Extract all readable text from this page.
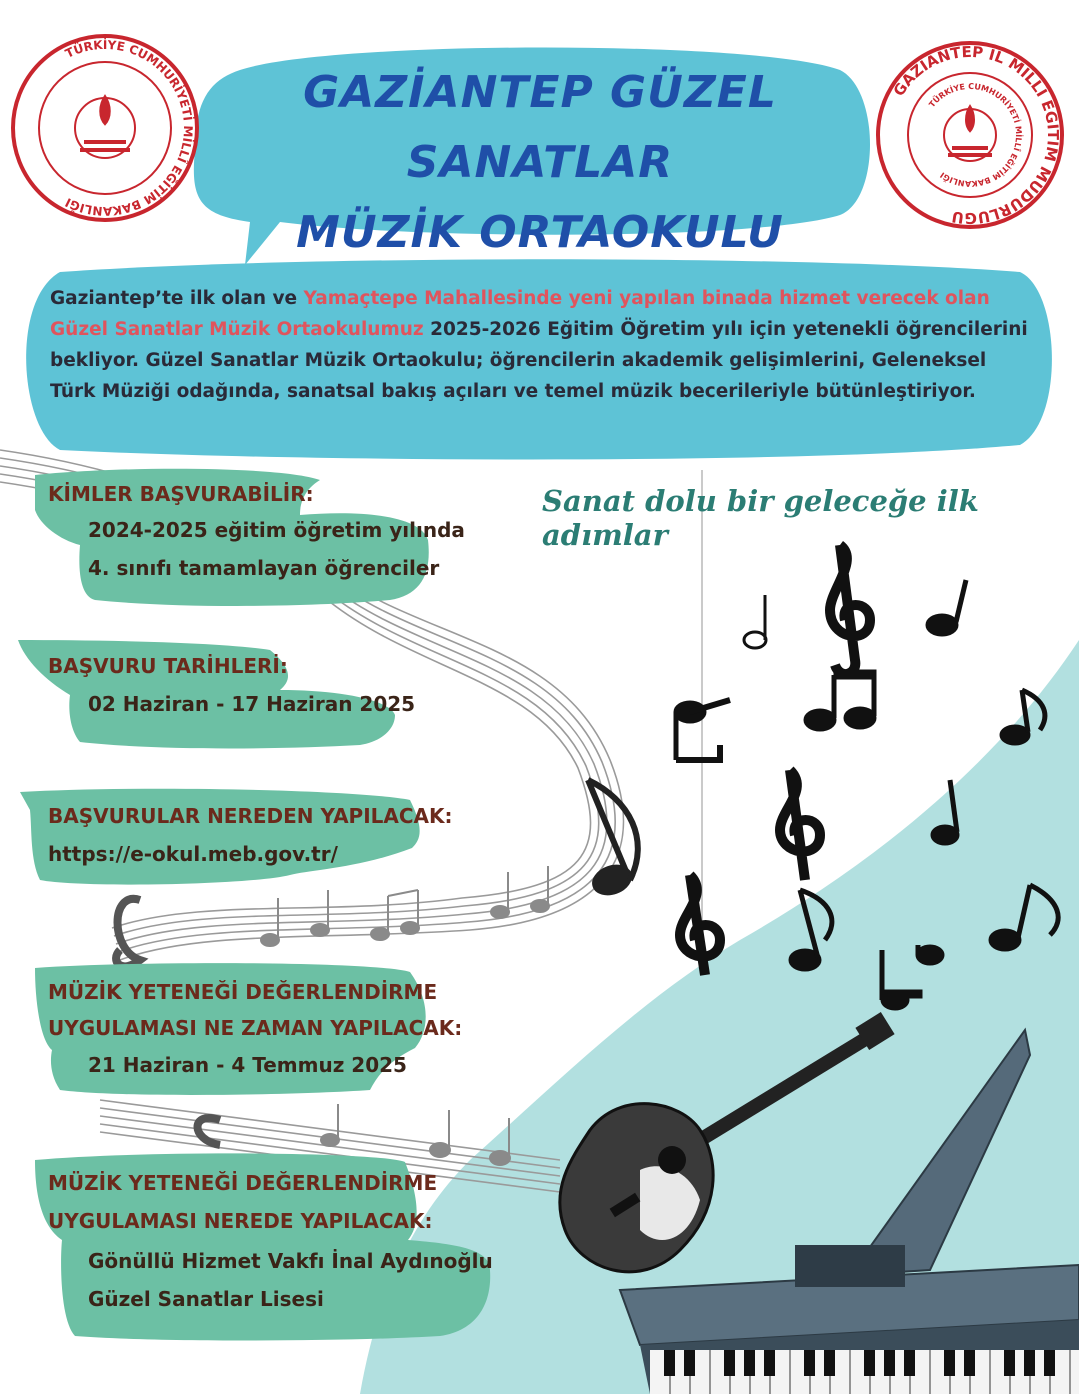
TÜRKİYE CUMHURİYETİ MİLLÎ EĞİTİM BAKANLIĞI
GAZİANTEP İL MİLLÎ EĞİTİM MÜDÜRLÜĞÜ
TÜRKİYE CUMHURİYETİ MİLLÎ EĞİTİM BAKANLIĞI
GAZİANTEP GÜZEL SANATLAR
MÜZİK ORTAOKULU
Gaziantep’te ilk olan ve Yamaçtepe Mahallesinde yeni yapılan binada hizmet verecek olan Güzel Sanatlar Müzik Ortaokulumuz 2025-2026 Eğitim Öğretim yılı için yetenekli öğrencilerini bekliyor. Güzel Sanatlar Müzik Ortaokulu; öğrencilerin akademik gelişimlerini, Geleneksel Türk Müziği odağında, sanatsal bakış açıları ve temel müzik becerileriyle bütünleştiriyor.
Sanat dolu bir geleceğe ilk adımlar
KİMLER BAŞVURABİLİR:
2024-2025 eğitim öğretim yılında
4. sınıfı tamamlayan öğrenciler
BAŞVURU TARİHLERİ:
02 Haziran - 17 Haziran 2025
BAŞVURULAR NEREDEN YAPILACAK:
https://e-okul.meb.gov.tr/
MÜZİK YETENEĞİ DEĞERLENDİRME
UYGULAMASI NE ZAMAN YAPILACAK:
21 Haziran - 4 Temmuz 2025
MÜZİK YETENEĞİ DEĞERLENDİRME
UYGULAMASI NEREDE YAPILACAK:
Gönüllü Hizmet Vakfı İnal Aydınoğlu
Güzel Sanatlar Lisesi
